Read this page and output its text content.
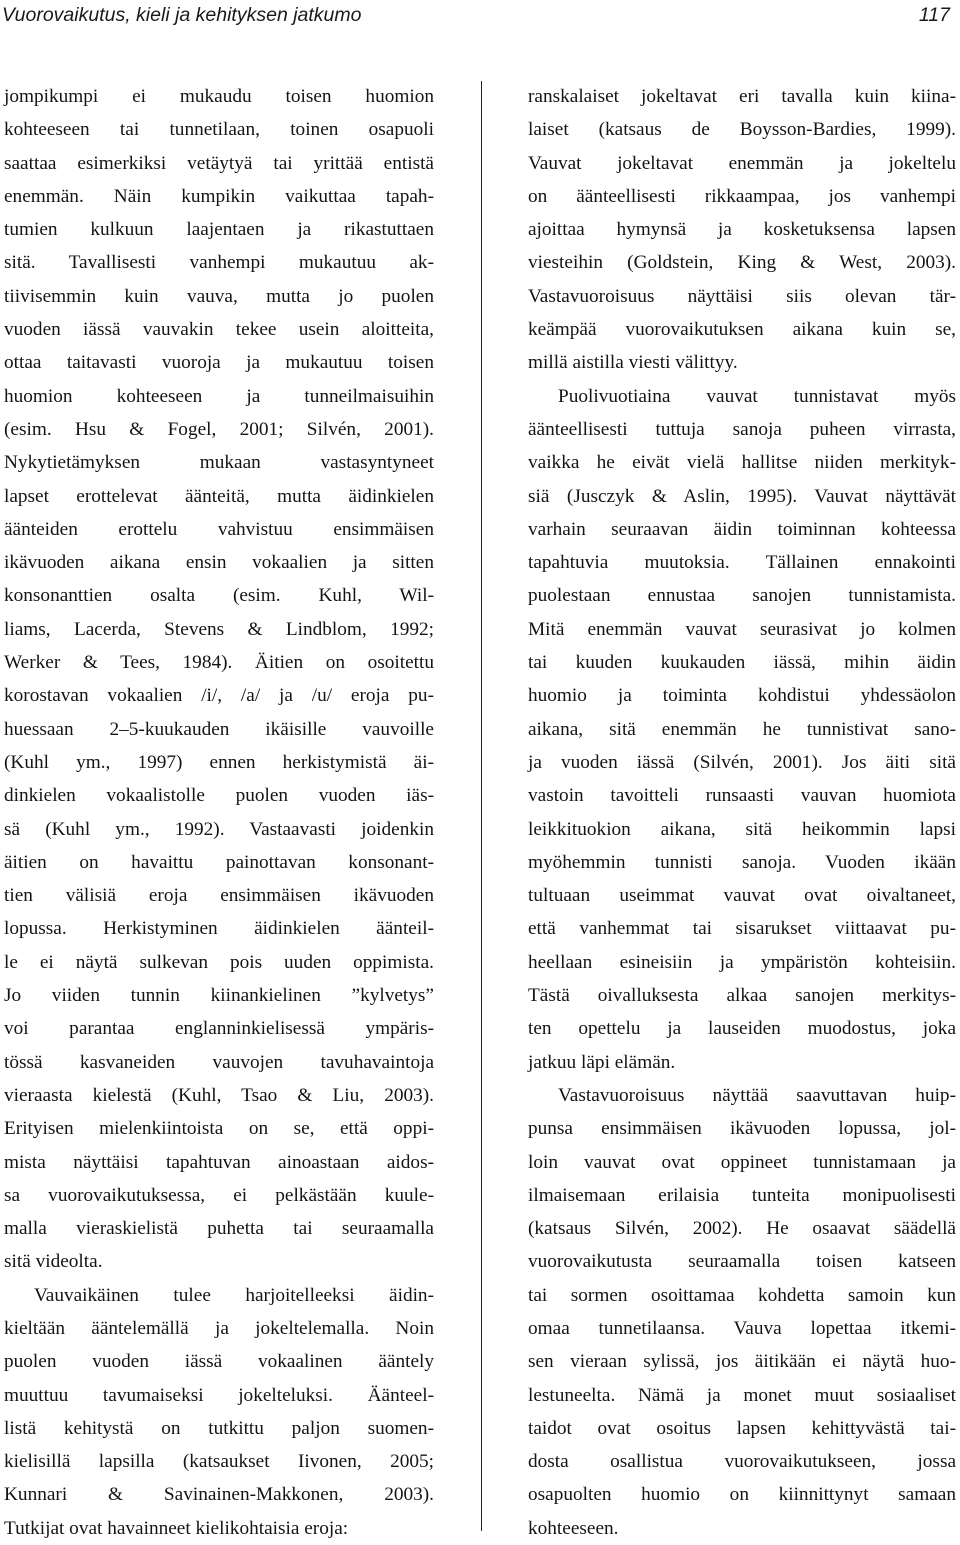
Vuorovaikutus, kieli ja kehityksen jatkumo	117
jompikumpi ei mukaudu toisen huomion
kohteeseen tai tunnetilaan, toinen osapuoli
saattaa esimerkiksi vetäytyä tai yrittää entistä
enemmän. Näin kumpikin vaikuttaa tapah-
tumien kulkuun laajentaen ja rikastuttaen
sitä. Tavallisesti vanhempi mukautuu ak-
tiivisemmin kuin vauva, mutta jo puolen
vuoden iässä vauvakin tekee usein aloitteita,
ottaa taitavasti vuoroja ja mukautuu toisen
huomion kohteeseen ja tunneilmaisuihin
(esim. Hsu & Fogel, 2001; Silvén, 2001).
Nykytietämyksen mukaan vastasyntyneet
lapset erottelevat äänteitä, mutta äidinkielen
äänteiden erottelu vahvistuu ensimmäisen
ikävuoden aikana ensin vokaalien ja sitten
konsonanttien osalta (esim. Kuhl, Wil-
liams, Lacerda, Stevens & Lindblom, 1992;
Werker & Tees, 1984). Äitien on osoitettu
korostavan vokaalien /i/, /a/ ja /u/ eroja pu-
huessaan 2–5-kuukauden ikäisille vauvoille
(Kuhl ym., 1997) ennen herkistymistä äi-
dinkielen vokaalistolle puolen vuoden iäs-
sä (Kuhl ym., 1992). Vastaavasti joidenkin
äitien on havaittu painottavan konsonant-
tien välisiä eroja ensimmäisen ikävuoden
lopussa. Herkistyminen äidinkielen äänteil-
le ei näytä sulkevan pois uuden oppimista.
Jo viiden tunnin kiinankielinen ”kylvetys”
voi parantaa englanninkielisessä ympäris-
tössä kasvaneiden vauvojen tavuhavaintoja
vieraasta kielestä (Kuhl, Tsao & Liu, 2003).
Erityisen mielenkiintoista on se, että oppi-
mista näyttäisi tapahtuvan ainoastaan aidos-
sa vuorovaikutuksessa, ei pelkästään kuule-
malla vieraskielistä puhetta tai seuraamalla
sitä videolta.
Vauvaikäinen tulee harjoitelleeksi äidin-
kieltään ääntelemällä ja jokeltelemalla. Noin
puolen vuoden iässä vokaalinen ääntely
muuttuu tavumaiseksi jokelteluksi. Äänteel-
listä kehitystä on tutkittu paljon suomen-
kielisillä lapsilla (katsaukset Iivonen, 2005;
Kunnari & Savinainen-Makkonen, 2003).
Tutkijat ovat havainneet kielikohtaisia eroja:
ranskalaiset jokeltavat eri tavalla kuin kiina-
laiset (katsaus de Boysson-Bardies, 1999).
Vauvat jokeltavat enemmän ja jokeltelu
on äänteellisesti rikkaampaa, jos vanhempi
ajoittaa hymynsä ja kosketuksensa lapsen
viesteihin (Goldstein, King & West, 2003).
Vastavuoroisuus näyttäisi siis olevan tär-
keämpää vuorovaikutuksen aikana kuin se,
millä aistilla viesti välittyy.
Puolivuotiaina vauvat tunnistavat myös
äänteellisesti tuttuja sanoja puheen virrasta,
vaikka he eivät vielä hallitse niiden merkityk-
siä (Jusczyk & Aslin, 1995). Vauvat näyttävät
varhain seuraavan äidin toiminnan kohteessa
tapahtuvia muutoksia. Tällainen ennakointi
puolestaan ennustaa sanojen tunnistamista.
Mitä enemmän vauvat seurasivat jo kolmen
tai kuuden kuukauden iässä, mihin äidin
huomio ja toiminta kohdistui yhdessäolon
aikana, sitä enemmän he tunnistivat sano-
ja vuoden iässä (Silvén, 2001). Jos äiti sitä
vastoin tavoitteli runsaasti vauvan huomiota
leikkituokion aikana, sitä heikommin lapsi
myöhemmin tunnisti sanoja. Vuoden ikään
tultuaan useimmat vauvat ovat oivaltaneet,
että vanhemmat tai sisarukset viittaavat pu-
heellaan esineisiin ja ympäristön kohteisiin.
Tästä oivalluksesta alkaa sanojen merkitys-
ten opettelu ja lauseiden muodostus, joka
jatkuu läpi elämän.
Vastavuoroisuus näyttää saavuttavan huip-
punsa ensimmäisen ikävuoden lopussa, jol-
loin vauvat ovat oppineet tunnistamaan ja
ilmaisemaan erilaisia tunteita monipuolisesti
(katsaus Silvén, 2002). He osaavat säädellä
vuorovaikutusta seuraamalla toisen katseen
tai sormen osoittamaa kohdetta samoin kun
omaa tunnetilaansa. Vauva lopettaa itkemi-
sen vieraan sylissä, jos äitikään ei näytä huo-
lestuneelta. Nämä ja monet muut sosiaaliset
taidot ovat osoitus lapsen kehittyvästä tai-
dosta osallistua vuorovaikutukseen, jossa
osapuolten huomio on kiinnittynyt samaan
kohteeseen.
